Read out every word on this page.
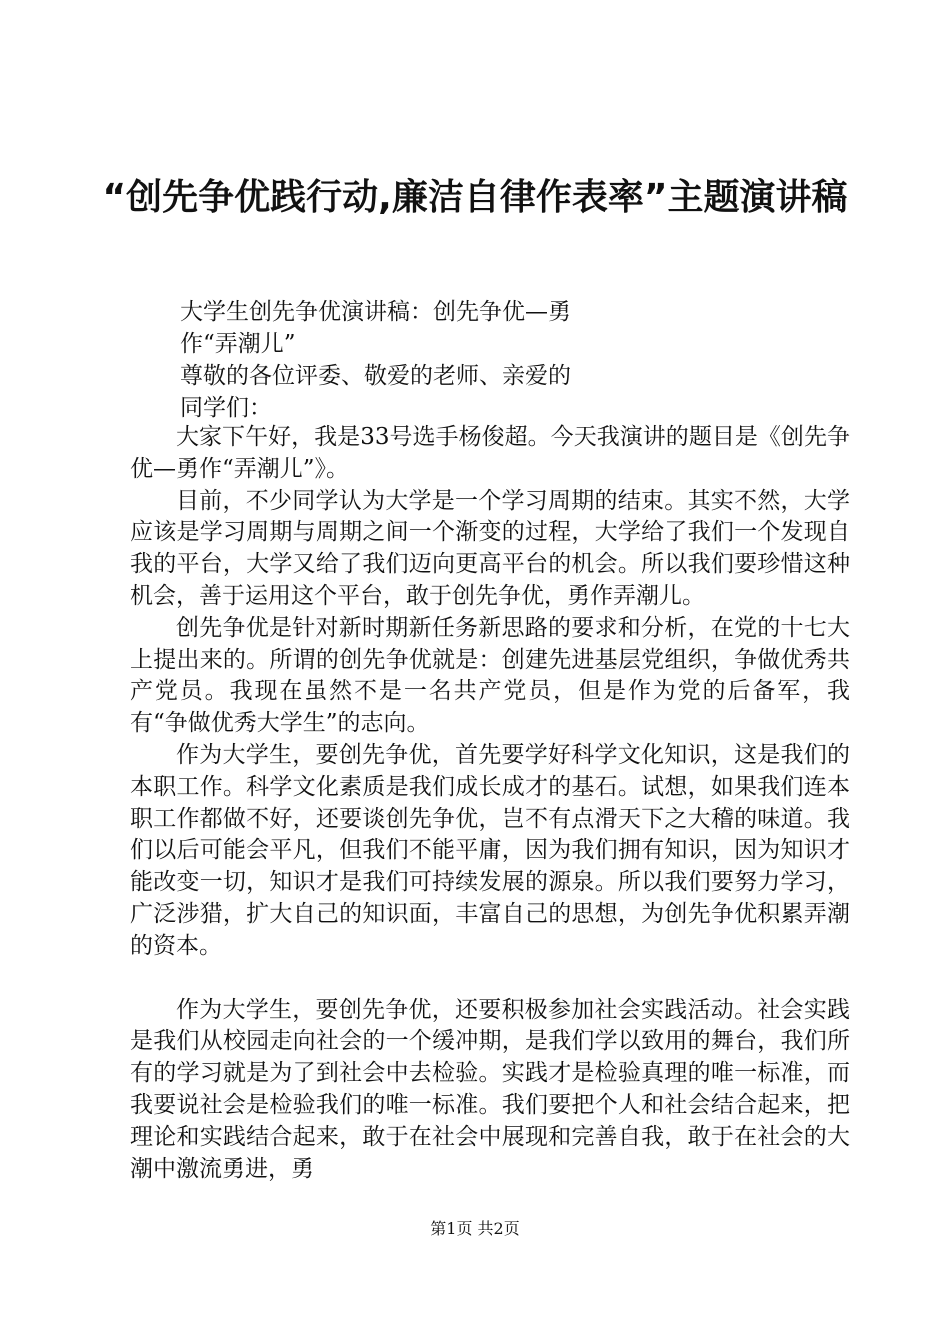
“创先争优践行动,廉洁自律作表率”主题演讲稿
大学生创先争优演讲稿：创先争优—勇
作“弄潮儿”
尊敬的各位评委、敬爱的老师、亲爱的
同学们：

大家下午好，我是33号选手杨俊超。今天我演讲的题目是《创先争优—勇作“弄潮儿”》。

目前，不少同学认为大学是一个学习周期的结束。其实不然，大学应该是学习周期与周期之间一个渐变的过程，大学给了我们一个发现自我的平台，大学又给了我们迈向更高平台的机会。所以我们要珍惜这种机会，善于运用这个平台，敢于创先争优，勇作弄潮儿。

创先争优是针对新时期新任务新思路的要求和分析，在党的十七大上提出来的。所谓的创先争优就是：创建先进基层党组织，争做优秀共产党员。我现在虽然不是一名共产党员，但是作为党的后备军，我有“争做优秀大学生”的志向。

作为大学生，要创先争优，首先要学好科学文化知识，这是我们的本职工作。科学文化素质是我们成长成才的基石。试想，如果我们连本职工作都做不好，还要谈创先争优，岂不有点滑天下之大稽的味道。我们以后可能会平凡，但我们不能平庸，因为我们拥有知识，因为知识才能改变一切，知识才是我们可持续发展的源泉。所以我们要努力学习，广泛涉猎，扩大自己的知识面，丰富自己的思想，为创先争优积累弄潮的资本。

作为大学生，要创先争优，还要积极参加社会实践活动。社会实践是我们从校园走向社会的一个缓冲期，是我们学以致用的舞台，我们所有的学习就是为了到社会中去检验。实践才是检验真理的唯一标准，而我要说社会是检验我们的唯一标准。我们要把个人和社会结合起来，把理论和实践结合起来，敢于在社会中展现和完善自我，敢于在社会的大潮中激流勇进，勇

第1页 共2页
